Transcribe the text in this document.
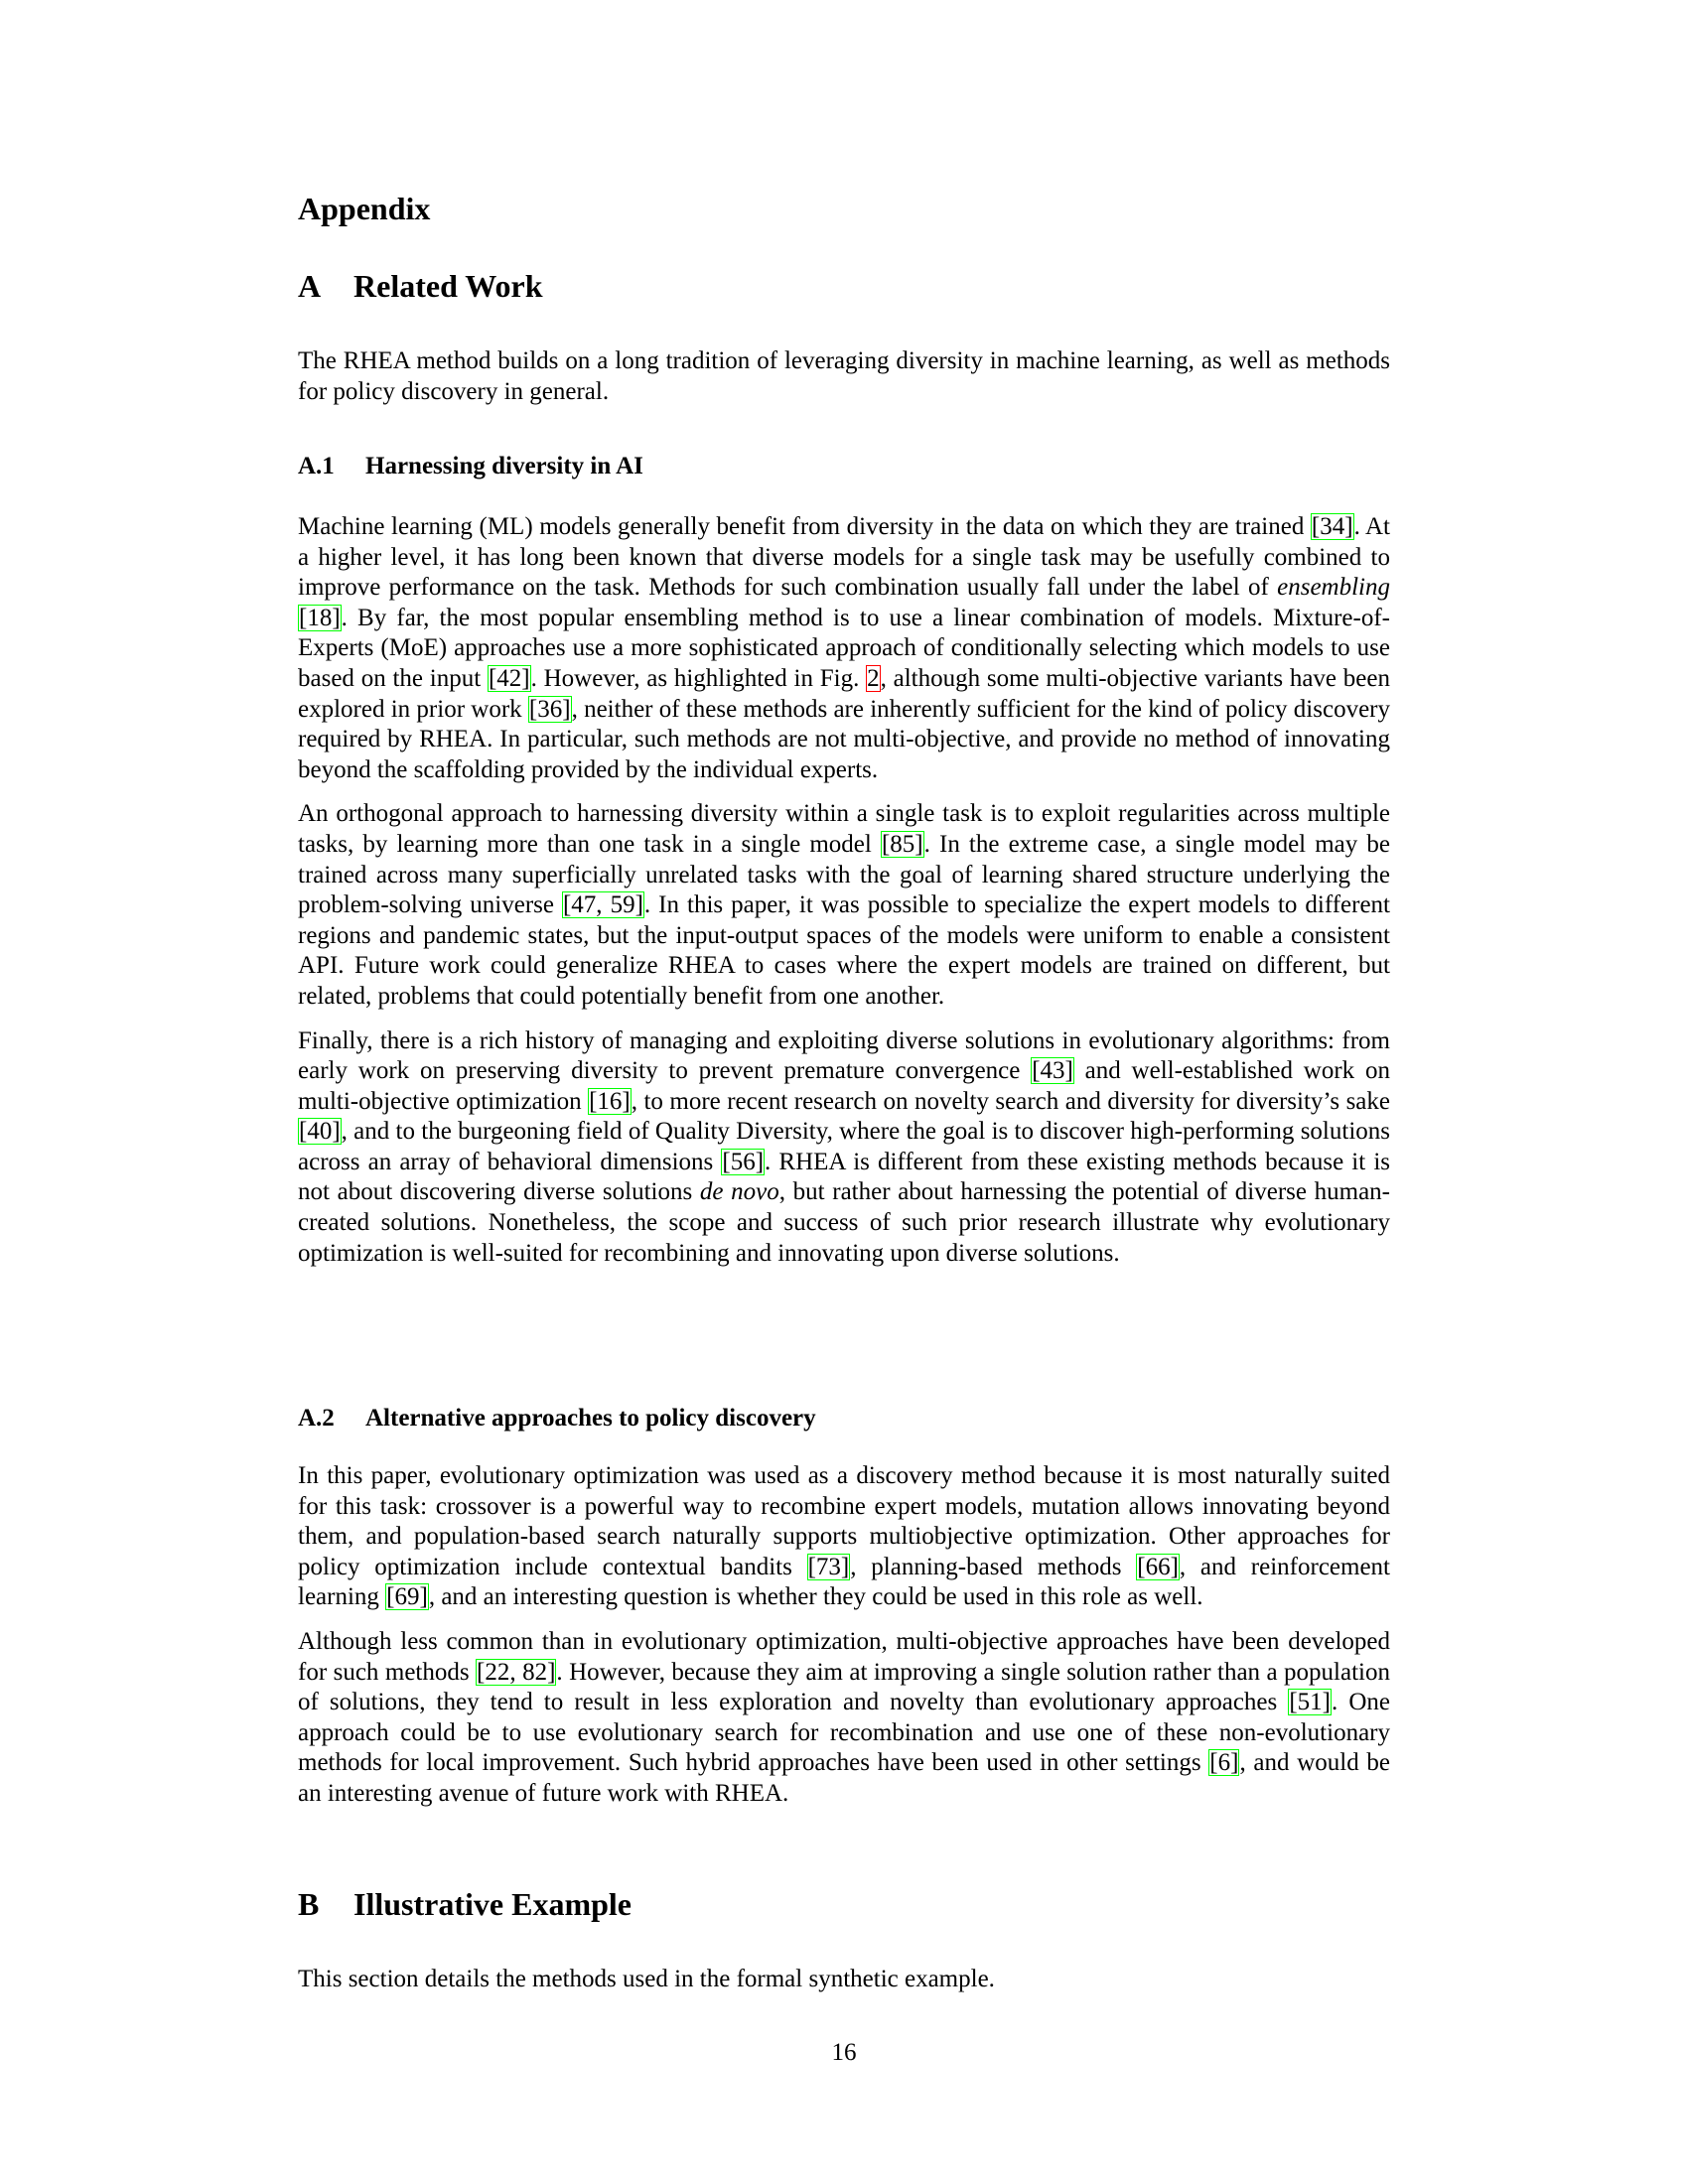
Appendix
A Related Work

The RHEA method builds on a long tradition of leveraging diversity in machine learning, as well as methods for policy discovery in general.

A.1 Harnessing diversity in AI

Machine learning (ML) models generally benefit from diversity in the data on which they are trained [34]. At a higher level, it has long been known that diverse models for a single task may be usefully combined to improve performance on the task. Methods for such combination usually fall under the label of ensembling [18]. By far, the most popular ensembling method is to use a linear combination of models. Mixture-of-Experts (MoE) approaches use a more sophisticated approach of conditionally selecting which models to use based on the input [42]. However, as highlighted in Fig. 2, although some multi-objective variants have been explored in prior work [36], neither of these methods are inherently sufficient for the kind of policy discovery required by RHEA. In particular, such methods are not multi-objective, and provide no method of innovating beyond the scaffolding provided by the individual experts.

An orthogonal approach to harnessing diversity within a single task is to exploit regularities across multiple tasks, by learning more than one task in a single model [85]. In the extreme case, a single model may be trained across many superficially unrelated tasks with the goal of learning shared structure underlying the problem-solving universe [47, 59]. In this paper, it was possible to specialize the expert models to different regions and pandemic states, but the input-output spaces of the models were uniform to enable a consistent API. Future work could generalize RHEA to cases where the expert models are trained on different, but related, problems that could potentially benefit from one another.

Finally, there is a rich history of managing and exploiting diverse solutions in evolutionary algorithms: from early work on preserving diversity to prevent premature convergence [43] and well-established work on multi-objective optimization [16], to more recent research on novelty search and diversity for diversity’s sake [40], and to the burgeoning field of Quality Diversity, where the goal is to discover high-performing solutions across an array of behavioral dimensions [56]. RHEA is different from these existing methods because it is not about discovering diverse solutions de novo, but rather about harnessing the potential of diverse human-created solutions. Nonetheless, the scope and success of such prior research illustrate why evolutionary optimization is well-suited for recombining and innovating upon diverse solutions.

A.2 Alternative approaches to policy discovery

In this paper, evolutionary optimization was used as a discovery method because it is most naturally suited for this task: crossover is a powerful way to recombine expert models, mutation allows innovating beyond them, and population-based search naturally supports multiobjective optimization. Other approaches for policy optimization include contextual bandits [73], planning-based methods [66], and reinforcement learning [69], and an interesting question is whether they could be used in this role as well.

Although less common than in evolutionary optimization, multi-objective approaches have been developed for such methods [22, 82]. However, because they aim at improving a single solution rather than a population of solutions, they tend to result in less exploration and novelty than evolutionary approaches [51]. One approach could be to use evolutionary search for recombination and use one of these non-evolutionary methods for local improvement. Such hybrid approaches have been used in other settings [6], and would be an interesting avenue of future work with RHEA.

B Illustrative Example

This section details the methods used in the formal synthetic example.

16
